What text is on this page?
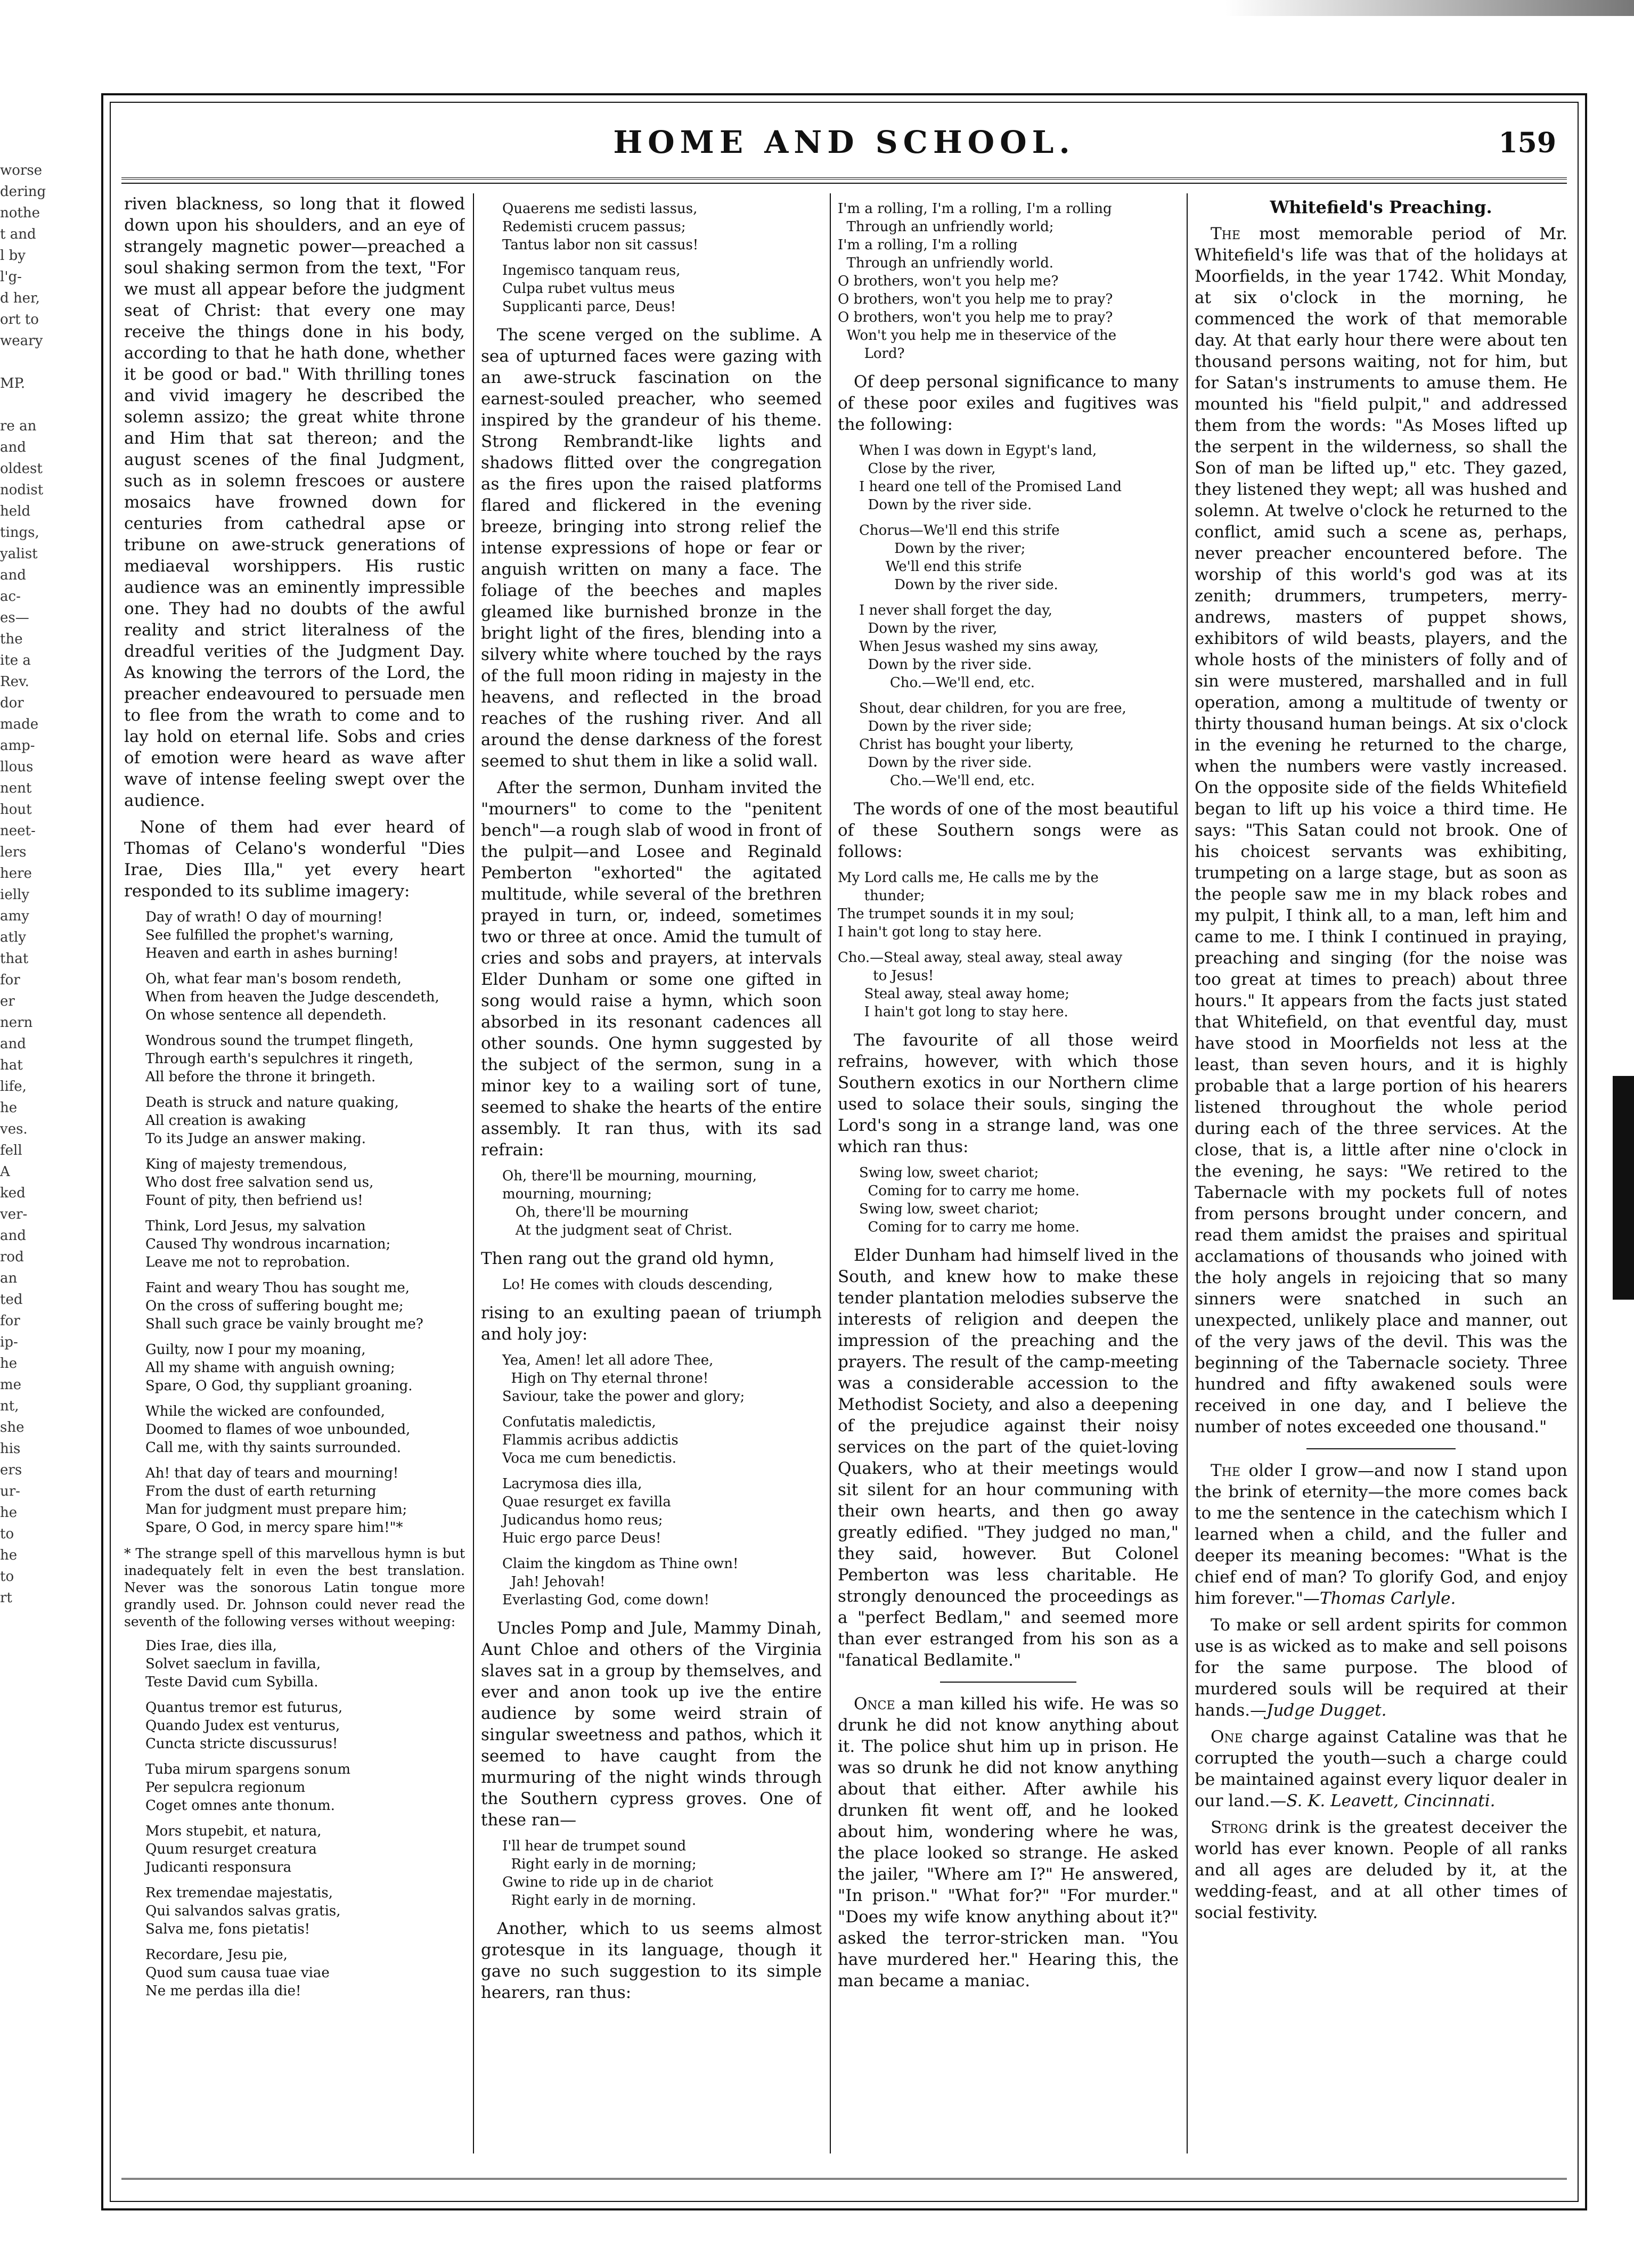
worse
dering
nothe
t and
l by
l'g-
d her,
ort to
weary

MP.

re an
and
oldest
nodist
held
tings,
yalist
and
ac-
es—
the
ite a
Rev.
dor
made
amp-
llous
nent
hout
neet-
lers
here
ielly
amy
atly
that
for
er
nern
and
hat
life,
he
ves.
fell
A
ked
ver-
and
rod
an
ted
for
ip-
he
me
nt,
she
his
ers
ur-
he
to
he
to
rt
HOME AND SCHOOL.	159

riven blackness, so long that it flowed down upon his shoulders, and an eye of strangely magnetic power—preached a soul shaking sermon from the text, "For we must all appear before the judgment seat of Christ: that every one may receive the things done in his body, according to that he hath done, whether it be good or bad." With thrilling tones and vivid imagery he described the solemn assizo; the great white throne and Him that sat thereon; and the august scenes of the final Judgment, such as in solemn frescoes or austere mosaics have frowned down for centuries from cathedral apse or tribune on awe-struck generations of mediaeval worshippers. His rustic audience was an eminently impressible one. They had no doubts of the awful reality and strict literalness of the dreadful verities of the Judgment Day. As knowing the terrors of the Lord, the preacher endeavoured to persuade men to flee from the wrath to come and to lay hold on eternal life. Sobs and cries of emotion were heard as wave after wave of intense feeling swept over the audience.

None of them had ever heard of Thomas of Celano's wonderful "Dies Irae, Dies Illa," yet every heart responded to its sublime imagery:

Day of wrath! O day of mourning!
See fulfilled the prophet's warning,
Heaven and earth in ashes burning!
Oh, what fear man's bosom rendeth,
When from heaven the Judge descendeth,
On whose sentence all dependeth.
Wondrous sound the trumpet flingeth,
Through earth's sepulchres it ringeth,
All before the throne it bringeth.
Death is struck and nature quaking,
All creation is awaking
To its Judge an answer making.
King of majesty tremendous,
Who dost free salvation send us,
Fount of pity, then befriend us!
Think, Lord Jesus, my salvation
Caused Thy wondrous incarnation;
Leave me not to reprobation.
Faint and weary Thou has sought me,
On the cross of suffering bought me;
Shall such grace be vainly brought me?
Guilty, now I pour my moaning,
All my shame with anguish owning;
Spare, O God, thy suppliant groaning.
While the wicked are confounded,
Doomed to flames of woe unbounded,
Call me, with thy saints surrounded.
Ah! that day of tears and mourning!
From the dust of earth returning
Man for judgment must prepare him;
Spare, O God, in mercy spare him!"*
* The strange spell of this marvellous hymn is but inadequately felt in even the best translation. Never was the sonorous Latin tongue more grandly used. Dr. Johnson could never read the seventh of the following verses without weeping:
Dies Irae, dies illa,
Solvet saeclum in favilla,
Teste David cum Sybilla.
Quantus tremor est futurus,
Quando Judex est venturus,
Cuncta stricte discussurus!
Tuba mirum spargens sonum
Per sepulcra regionum
Coget omnes ante thonum.
Mors stupebit, et natura,
Quum resurget creatura
Judicanti responsura
Rex tremendae majestatis,
Qui salvandos salvas gratis,
Salva me, fons pietatis!
Recordare, Jesu pie,
Quod sum causa tuae viae
Ne me perdas illa die!
Quaerens me sedisti lassus,
Redemisti crucem passus;
Tantus labor non sit cassus!
Ingemisco tanquam reus,
Culpa rubet vultus meus
Supplicanti parce, Deus!

The scene verged on the sublime. A sea of upturned faces were gazing with an awe-struck fascination on the earnest-souled preacher, who seemed inspired by the grandeur of his theme. Strong Rembrandt-like lights and shadows flitted over the congregation as the fires upon the raised platforms flared and flickered in the evening breeze, bringing into strong relief the intense expressions of hope or fear or anguish written on many a face. The foliage of the beeches and maples gleamed like burnished bronze in the bright light of the fires, blending into a silvery white where touched by the rays of the full moon riding in majesty in the heavens, and reflected in the broad reaches of the rushing river. And all around the dense darkness of the forest seemed to shut them in like a solid wall.

After the sermon, Dunham invited the "mourners" to come to the "penitent bench"—a rough slab of wood in front of the pulpit—and Losee and Reginald Pemberton "exhorted" the agitated multitude, while several of the brethren prayed in turn, or, indeed, sometimes two or three at once. Amid the tumult of cries and sobs and prayers, at intervals Elder Dunham or some one gifted in song would raise a hymn, which soon absorbed in its resonant cadences all other sounds. One hymn suggested by the subject of the sermon, sung in a minor key to a wailing sort of tune, seemed to shake the hearts of the entire assembly. It ran thus, with its sad refrain:

Oh, there'll be mourning, mourning, mourning, mourning;
Oh, there'll be mourning
At the judgment seat of Christ.

Then rang out the grand old hymn,

Lo! He comes with clouds descending,

rising to an exulting paean of triumph and holy joy:

Yea, Amen! let all adore Thee,
High on Thy eternal throne!
Saviour, take the power and glory;
Confutatis maledictis,
Flammis acribus addictis
Voca me cum benedictis.
Lacrymosa dies illa,
Quae resurget ex favilla
Judicandus homo reus;
Huic ergo parce Deus!
Claim the kingdom as Thine own!
Jah! Jehovah!
Everlasting God, come down!

Uncles Pomp and Jule, Mammy Dinah, Aunt Chloe and others of the Virginia slaves sat in a group by themselves, and ever and anon took up ive the entire audience by some weird strain of singular sweetness and pathos, which it seemed to have caught from the murmuring of the night winds through the Southern cypress groves. One of these ran—

I'll hear de trumpet sound
Right early in de morning;
Gwine to ride up in de chariot
Right early in de morning.

Another, which to us seems almost grotesque in its language, though it gave no such suggestion to its simple hearers, ran thus:

I'm a rolling, I'm a rolling, I'm a rolling
Through an unfriendly world;
I'm a rolling, I'm a rolling
Through an unfriendly world.
O brothers, won't you help me?
O brothers, won't you help me to pray?
O brothers, won't you help me to pray?
Won't you help me in theservice of the
Lord?

Of deep personal significance to many of these poor exiles and fugitives was the following:

When I was down in Egypt's land,
Close by the river,
I heard one tell of the Promised Land
Down by the river side.
Chorus—We'll end this strife
Down by the river;
We'll end this strife
Down by the river side.
I never shall forget the day,
Down by the river,
When Jesus washed my sins away,
Down by the river side.
Cho.—We'll end, etc.
Shout, dear children, for you are free,
Down by the river side;
Christ has bought your liberty,
Down by the river side.
Cho.—We'll end, etc.

The words of one of the most beautiful of these Southern songs were as follows:

My Lord calls me, He calls me by the
thunder;
The trumpet sounds it in my soul;
I hain't got long to stay here.
Cho.—Steal away, steal away, steal away
to Jesus!
Steal away, steal away home;
I hain't got long to stay here.

The favourite of all those weird refrains, however, with which those Southern exotics in our Northern clime used to solace their souls, singing the Lord's song in a strange land, was one which ran thus:

Swing low, sweet chariot;
Coming for to carry me home.
Swing low, sweet chariot;
Coming for to carry me home.

Elder Dunham had himself lived in the South, and knew how to make these tender plantation melodies subserve the interests of religion and deepen the impression of the preaching and the prayers. The result of the camp-meeting was a considerable accession to the Methodist Society, and also a deepening of the prejudice against their noisy services on the part of the quiet-loving Quakers, who at their meetings would sit silent for an hour communing with their own hearts, and then go away greatly edified. "They judged no man," they said, however. But Colonel Pemberton was less charitable. He strongly denounced the proceedings as a "perfect Bedlam," and seemed more than ever estranged from his son as a "fanatical Bedlamite."

Once a man killed his wife. He was so drunk he did not know anything about it. The police shut him up in prison. He was so drunk he did not know anything about that either. After awhile his drunken fit went off, and he looked about him, wondering where he was, the place looked so strange. He asked the jailer, "Where am I?" He answered, "In prison." "What for?" "For murder." "Does my wife know anything about it?" asked the terror-stricken man. "You have murdered her." Hearing this, the man became a maniac.

Whitefield's Preaching.

The most memorable period of Mr. Whitefield's life was that of the holidays at Moorfields, in the year 1742. Whit Monday, at six o'clock in the morning, he commenced the work of that memorable day. At that early hour there were about ten thousand persons waiting, not for him, but for Satan's instruments to amuse them. He mounted his "field pulpit," and addressed them from the words: "As Moses lifted up the serpent in the wilderness, so shall the Son of man be lifted up," etc. They gazed, they listened they wept; all was hushed and solemn. At twelve o'clock he returned to the conflict, amid such a scene as, perhaps, never preacher encountered before. The worship of this world's god was at its zenith; drummers, trumpeters, merry-andrews, masters of puppet shows, exhibitors of wild beasts, players, and the whole hosts of the ministers of folly and of sin were mustered, marshalled and in full operation, among a multitude of twenty or thirty thousand human beings. At six o'clock in the evening he returned to the charge, when the numbers were vastly increased. On the opposite side of the fields Whitefield began to lift up his voice a third time. He says: "This Satan could not brook. One of his choicest servants was exhibiting, trumpeting on a large stage, but as soon as the people saw me in my black robes and my pulpit, I think all, to a man, left him and came to me. I think I continued in praying, preaching and singing (for the noise was too great at times to preach) about three hours." It appears from the facts just stated that Whitefield, on that eventful day, must have stood in Moorfields not less at the least, than seven hours, and it is highly probable that a large portion of his hearers listened throughout the whole period during each of the three services. At the close, that is, a little after nine o'clock in the evening, he says: "We retired to the Tabernacle with my pockets full of notes from persons brought under concern, and read them amidst the praises and spiritual acclamations of thousands who joined with the holy angels in rejoicing that so many sinners were snatched in such an unexpected, unlikely place and manner, out of the very jaws of the devil. This was the beginning of the Tabernacle society. Three hundred and fifty awakened souls were received in one day, and I believe the number of notes exceeded one thousand."

The older I grow—and now I stand upon the brink of eternity—the more comes back to me the sentence in the catechism which I learned when a child, and the fuller and deeper its meaning becomes: "What is the chief end of man? To glorify God, and enjoy him forever."—Thomas Carlyle.

To make or sell ardent spirits for common use is as wicked as to make and sell poisons for the same purpose. The blood of murdered souls will be required at their hands.—Judge Dugget.

One charge against Cataline was that he corrupted the youth—such a charge could be maintained against every liquor dealer in our land.—S. K. Leavett, Cincinnati.

Strong drink is the greatest deceiver the world has ever known. People of all ranks and all ages are deluded by it, at the wedding-feast, and at all other times of social festivity.
